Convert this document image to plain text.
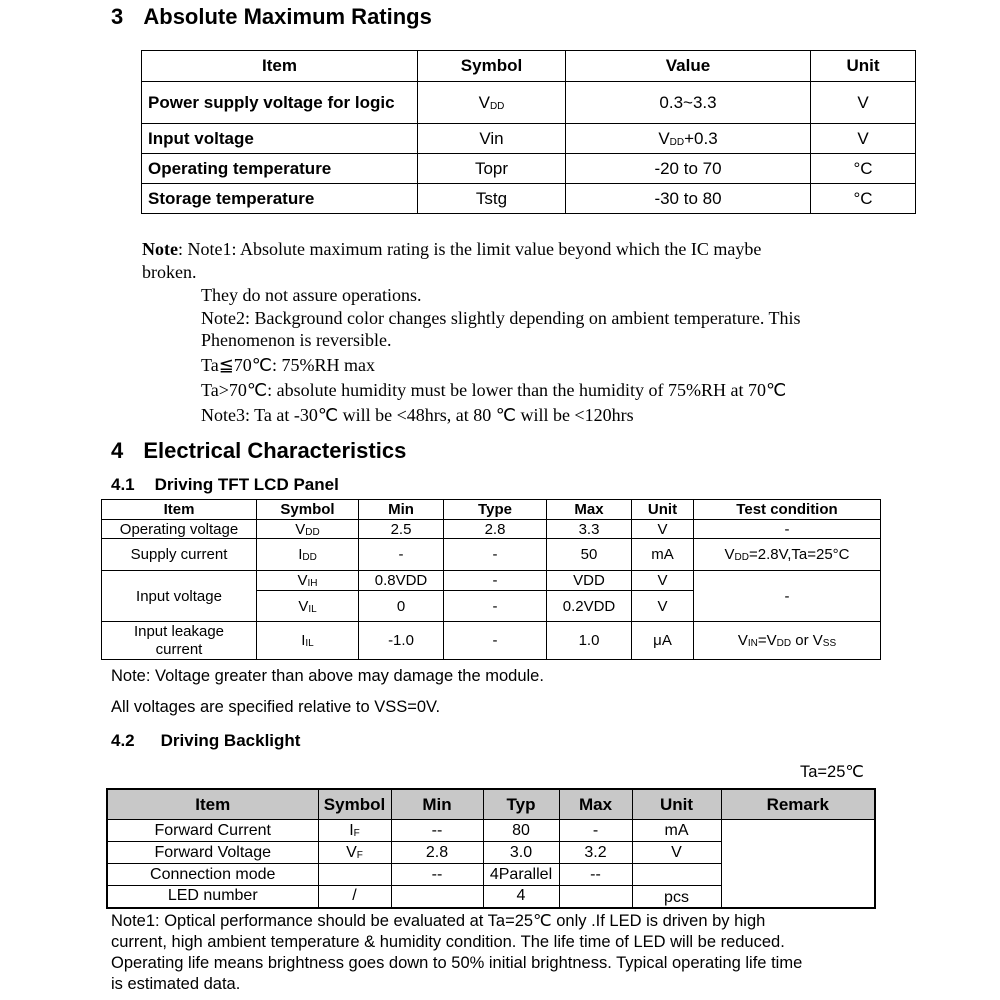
3 Absolute Maximum Ratings
Item	Symbol	Value	Unit
Power supply voltage for logic	$V_{DD}$	0.3~3.3	V
Input voltage	Vin	$V_{DD}+0.3$	V
Operating temperature	Topr	-20 to 70	°C
Storage temperature	Tstg	-30 to 80	°C
Note: Note1: Absolute maximum rating is the limit value beyond which the IC maybe
broken.
They do not assure operations.
Note2: Background color changes slightly depending on ambient temperature. This
Phenomenon is reversible.
Ta≦70℃: 75%RH max
Ta>70℃: absolute humidity must be lower than the humidity of 75%RH at 70℃
Note3: Ta at -30℃ will be <48hrs, at 80 ℃ will be <120hrs
4 Electrical Characteristics
4.1 Driving TFT LCD Panel
Item	Symbol	Min	Type	Max	Unit	Test condition
Operating voltage	$V_{DD}$	2.5	2.8	3.3	V	-
Supply current	$I_{DD}$	-	-	50	mA	$V_{DD}=2.8V,Ta=25^\circ C$
Input voltage	$V_{IH}$	0.8VDD	-	VDD	V	-
	$V_{IL}$	0	-	0.2VDD	V	

Input leakage
current	$I_{IL}$	-1.0	-	1.0	μA	$V_{IN}=V_{DD}$ or $V_{SS}$
Note: Voltage greater than above may damage the module.
All voltages are specified relative to VSS=0V.
4.2 Driving Backlight
Ta=25℃
Item	Symbol	Min	Typ	Max	Unit	Remark
Forward Current	$I_F$	--	80	-	mA	
Forward Voltage	$V_F$	2.8	3.0	3.2	V	
Connection mode		--	4Parallel	--		
LED number	/		4		pcs	
Note1: Optical performance should be evaluated at Ta=25℃ only .If LED is driven by high
current, high ambient temperature & humidity condition. The life time of LED will be reduced.
Operating life means brightness goes down to 50% initial brightness. Typical operating life time
is estimated data.
